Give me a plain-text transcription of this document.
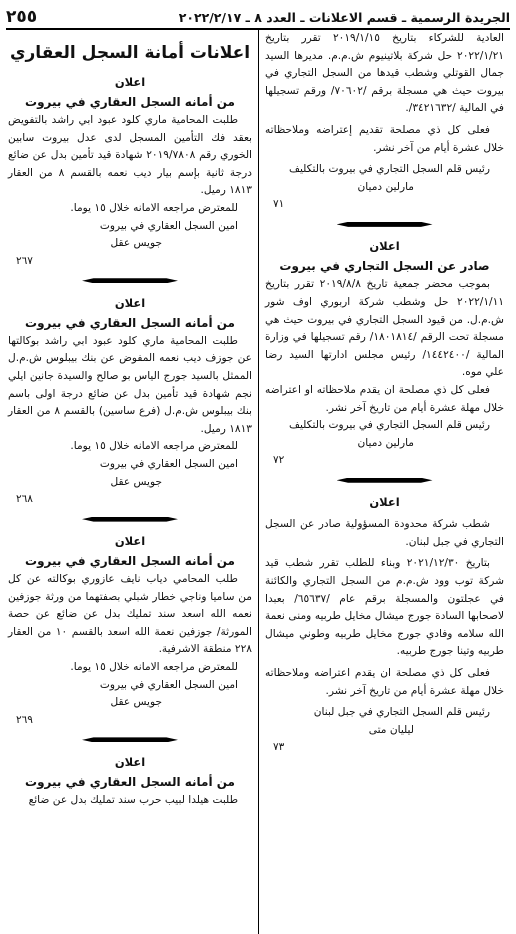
الجريدة الرسمية ـ قسم الاعلانات ـ العدد ٨ ـ ٢٠٢٢/٢/١٧
٢٥٥

العادية للشركاء بتاريخ ٢٠١٩/١/١٥ تقرر بتاريخ ٢٠٢٢/١/٢١ حل شركة بلاتينيوم ش.م.م. مديرها السيد جمال القوتلي وشطب قيدها من السجل التجاري في بيروت حيث هي مسجلة برقم /٧٠٦٠٢/ ورقم تسجيلها في المالية /٣٤٢١٦٣٢/.

فعلى كل ذي مصلحة تقديم إعتراضه وملاحظاته خلال عشرة أيام من آخر نشر.

رئيس قلم السجل التجاري في بيروت بالتكليف

مارلين دميان

٧١
اعلان
صادر عن السجل التجاري في بيروت

بموجب محضر جمعية تاريخ ٢٠١٩/٨/٨ تقرر بتاريخ ٢٠٢٢/١/١١ حل وشطب شركة اربوري اوف شور ش.م.ل. من قيود السجل التجاري في بيروت حيث هي مسجلة تحت الرقم /١٨٠١٨١٤/ رقم تسجيلها في وزارة المالية /١٤٤٢٤٠٠/ رئيس مجلس ادارتها السيد رضا علي موه.

فعلى كل ذي مصلحة ان يقدم ملاحظاته او اعتراضه خلال مهلة عشرة أيام من تاريخ آخر نشر.

رئيس قلم السجل التجاري في بيروت بالتكليف

مارلين دميان

٧٢
اعلان

شطب شركة محدودة المسؤولية صادر عن السجل التجاري في جبل لبنان.

بتاريخ ٢٠٢١/١٢/٣٠ وبناء للطلب تقرر شطب قيد شركة توب وود ش.م.م من السجل التجاري والكائنة في عجلتون والمسجلة برقم عام /٦٥٦٣٧/ بعبدا لاصحابها السادة جورج ميشال مخايل طربيه ومنى نعمة الله سلامه وفادي جورج مخايل طربيه وطوني ميشال طربيه وتينا جورج طربيه.

فعلى كل ذي مصلحة ان يقدم اعتراضه وملاحظاته خلال مهلة عشرة أيام من تاريخ آخر نشر.

رئيس قلم السجل التجاري في جبل لبنان

ليليان متى

٧٣
اعلانات أمانة السجل العقاري
اعلان
من أمانه السجل العقاري في بيروت

طلبت المحامية ماري كلود عبود ابي راشد بالتفويض بعقد فك التأمين المسجل لدى عدل بيروت سابين الخوري رقم ٢٠١٩/٧٨٠٨ شهادة قيد تأمين بدل عن ضائع درجة ثانية بإسم بيار ديب نعمه بالقسم ٨ من العقار ١٨١٣ رميل.

للمعترض مراجعه الامانه خلال ١٥ يوما.

امين السجل العقاري في بيروت

جويس عقل

٢٦٧
اعلان
من أمانه السجل العقاري في بيروت

طلبت المحامية ماري كلود عبود ابي راشد بوكالتها عن جوزف ديب نعمه المفوض عن بنك بيبلوس ش.م.ل الممثل بالسيد جورج الياس بو صالح والسيدة جانين ايلي نجم شهادة قيد تأمين بدل عن ضائع درجة اولى باسم بنك بيبلوس ش.م.ل (فرع ساسين) بالقسم ٨ من العقار ١٨١٣ رميل.

للمعترض مراجعه الامانه خلال ١٥ يوما.

امين السجل العقاري في بيروت

جويس عقل

٢٦٨
اعلان
من أمانه السجل العقاري في بيروت

طلب المحامي دياب نايف عازوري بوكالته عن كل من ساميا وناجي خطار شبلي بصفتهما من ورثة جوزفين نعمه الله اسعد سند تمليك بدل عن ضائع عن حصة المورثة/ جوزفين نعمة الله اسعد بالقسم ١٠ من العقار ٢٢٨ منطقة الاشرفية.

للمعترض مراجعه الامانه خلال ١٥ يوما.

امين السجل العقاري في بيروت

جويس عقل

٢٦٩
اعلان
من أمانه السجل العقاري في بيروت

طلبت هيلدا لبيب حرب سند تمليك بدل عن ضائع
